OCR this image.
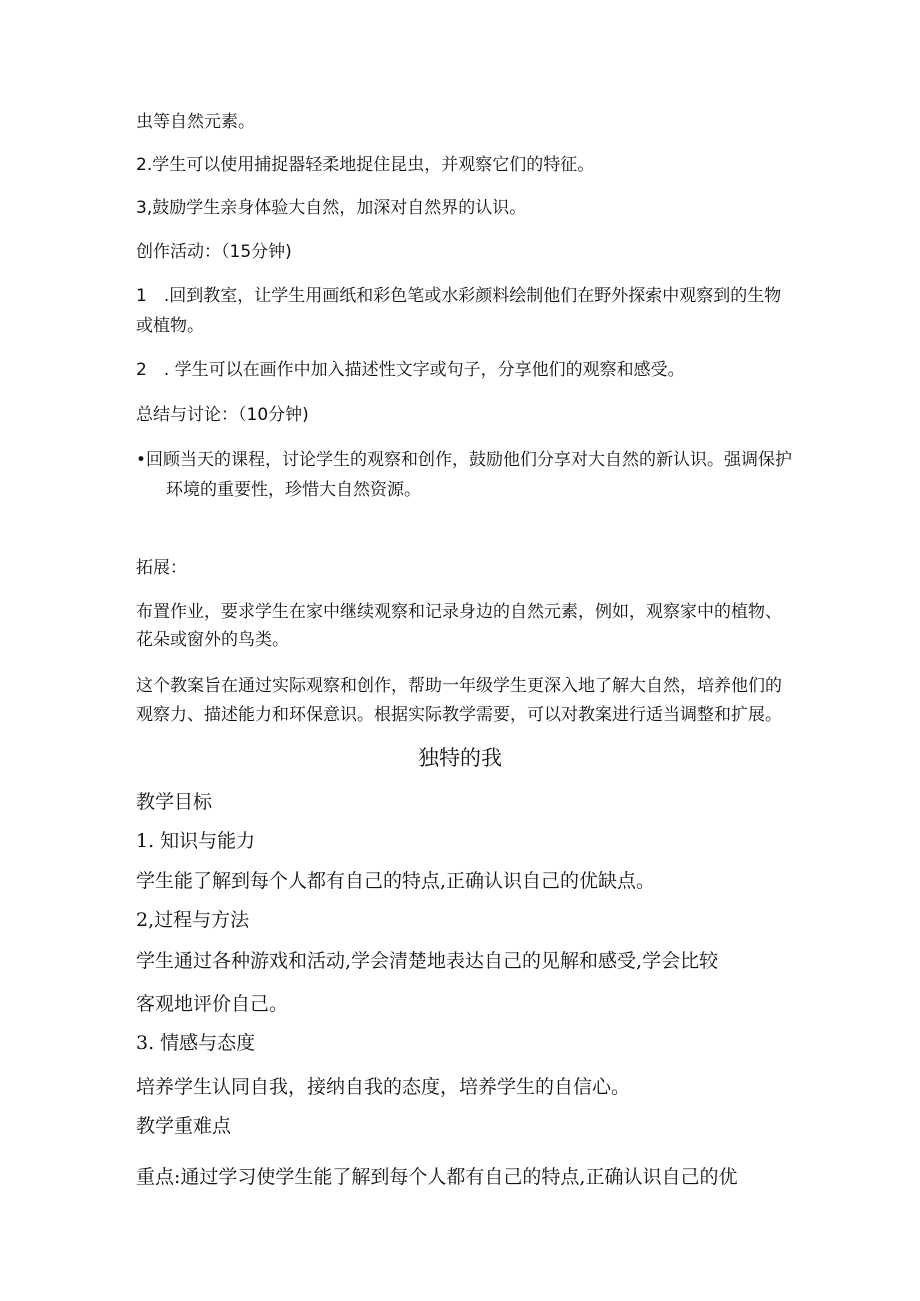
虫等自然元素。
2.学生可以使用捕捉器轻柔地捉住昆虫，并观察它们的特征。
3,鼓励学生亲身体验大自然，加深对自然界的认识。
创作活动：（15分钟)
1　.回到教室，让学生用画纸和彩色笔或水彩颜料绘制他们在野外探索中观察到的生物
或植物。
2　. 学生可以在画作中加入描述性文字或句子，分享他们的观察和感受。
总结与讨论：（10分钟)
•回顾当天的课程，讨论学生的观察和创作，鼓励他们分享对大自然的新认识。强调保护
环境的重要性，珍惜大自然资源。
拓展：
布置作业，要求学生在家中继续观察和记录身边的自然元素，例如，观察家中的植物、
花朵或窗外的鸟类。
这个教案旨在通过实际观察和创作，帮助一年级学生更深入地了解大自然，培养他们的
观察力、描述能力和环保意识。根据实际教学需要，可以对教案进行适当调整和扩展。
独特的我
教学目标
1. 知识与能力
学生能了解到每个人都有自己的特点,正确认识自己的优缺点。
2,过程与方法
学生通过各种游戏和活动,学会清楚地表达自己的见解和感受,学会比较
客观地评价自己。
3. 情感与态度
培养学生认同自我，接纳自我的态度，培养学生的自信心。
教学重难点
重点:通过学习使学生能了解到每个人都有自己的特点,正确认识自己的优
